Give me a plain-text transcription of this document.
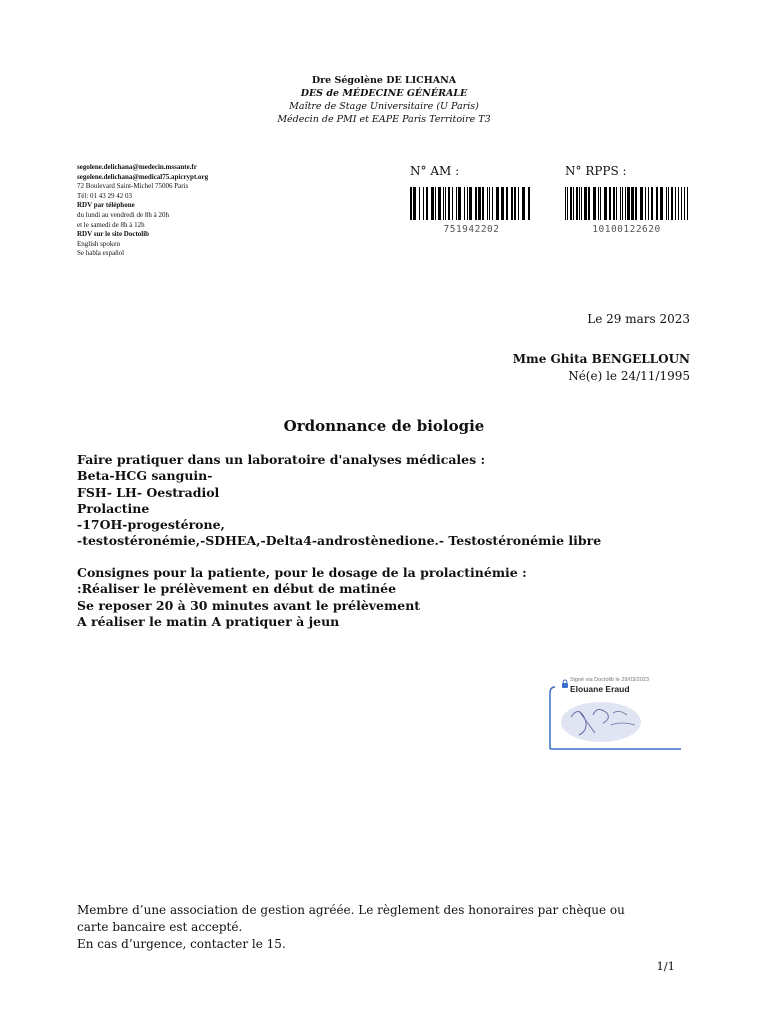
Dre Ségolène DE LICHANA
DES de MÉDECINE GÉNÉRALE
Maître de Stage Universitaire (U Paris)
Médecin de PMI et EAPE Paris Territoire T3
segolene.delichana@medecin.mssante.fr
segolene.delichana@medical75.apicrypt.org
72 Boulevard Saint-Michel 75006 Paris
Tél: 01 43 29 42 03
RDV par téléphone
du lundi au vendredi de 8h à 20h
et le samedi de 8h à 12h
RDV sur le site Doctolib
English spoken
Se habla español
N° AM :
751942202
N° RPPS :
10100122620
Le 29 mars 2023
Mme Ghita BENGELLOUN
Né(e) le 24/11/1995
Ordonnance de biologie
Faire pratiquer dans un laboratoire d'analyses médicales :
Beta-HCG sanguin-
FSH- LH- Oestradiol
Prolactine
-17OH-progestérone,
-testostéronémie,-SDHEA,-Delta4-androstènedione.- Testostéronémie libre
Consignes pour la patiente, pour le dosage de la prolactinémie :
:Réaliser le prélèvement en début de matinée
Se reposer 20 à 30 minutes avant le prélèvement
A réaliser le matin A pratiquer à jeun
Signé via Doctolib le 29/03/2023
Elouane Eraud
Membre d’une association de gestion agréée. Le règlement des honoraires par chèque ou carte bancaire est accepté.
En cas d’urgence, contacter le 15.
1/1
